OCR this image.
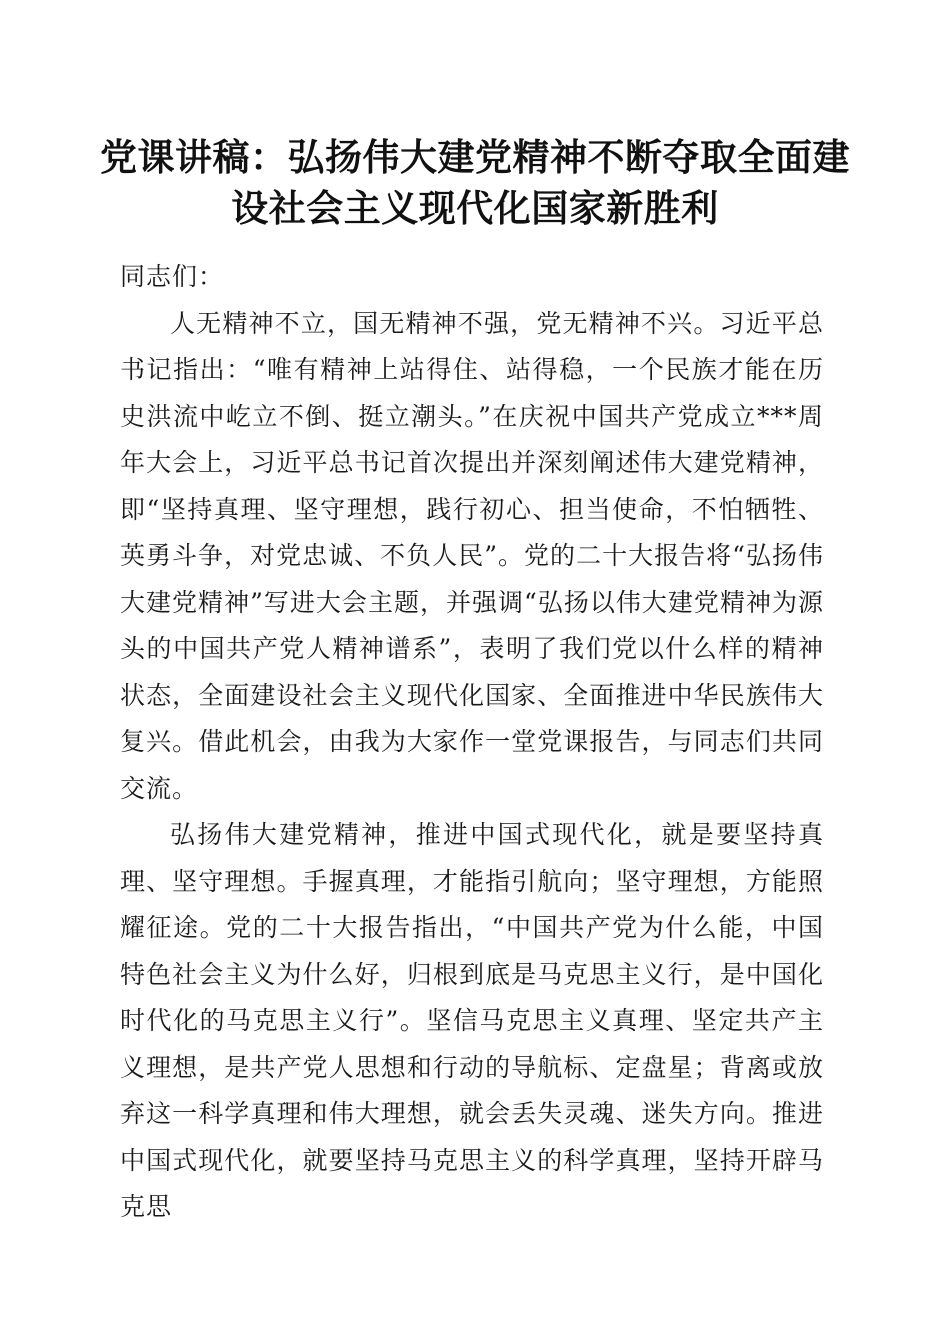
党课讲稿：弘扬伟大建党精神不断夺取全面建
设社会主义现代化国家新胜利

同志们：

人无精神不立，国无精神不强，党无精神不兴。习近平总书记指出：“唯有精神上站得住、站得稳，一个民族才能在历史洪流中屹立不倒、挺立潮头。”在庆祝中国共产党成立***周年大会上，习近平总书记首次提出并深刻阐述伟大建党精神，即“坚持真理、坚守理想，践行初心、担当使命，不怕牺牲、英勇斗争，对党忠诚、不负人民”。党的二十大报告将“弘扬伟大建党精神”写进大会主题，并强调“弘扬以伟大建党精神为源头的中国共产党人精神谱系”，表明了我们党以什么样的精神状态，全面建设社会主义现代化国家、全面推进中华民族伟大复兴。借此机会，由我为大家作一堂党课报告，与同志们共同交流。

弘扬伟大建党精神，推进中国式现代化，就是要坚持真理、坚守理想。手握真理，才能指引航向；坚守理想，方能照耀征途。党的二十大报告指出，“中国共产党为什么能，中国特色社会主义为什么好，归根到底是马克思主义行，是中国化时代化的马克思主义行”。坚信马克思主义真理、坚定共产主义理想，是共产党人思想和行动的导航标、定盘星；背离或放弃这一科学真理和伟大理想，就会丢失灵魂、迷失方向。推进中国式现代化，就要坚持马克思主义的科学真理，坚持开辟马克思
